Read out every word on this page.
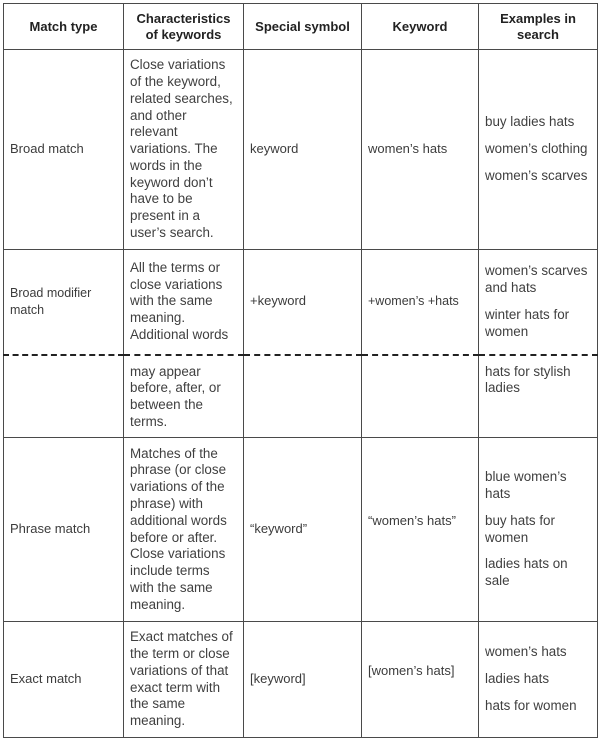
Match type	Characteristics of keywords	Special symbol	Keyword	Examples in search
Broad match	Close variations of the keyword, related searches, and other relevant variations. The words in the keyword don’t have to be present in a user’s search.	keyword	women’s hats	buy ladies hats
women’s clothing
women’s scarves

Broad modifier match	All the terms or close variations with the same meaning. Additional words	+keyword	+women’s +hats	women’s scarves and hats
winter hats for women

	may appear before, after, or between the terms.			hats for stylish ladies

Phrase match	Matches of the phrase (or close variations of the phrase) with additional words before or after. Close variations include terms with the same meaning.	“keyword”	“women’s hats”	blue women’s hats
buy hats for women
ladies hats on sale

Exact match	Exact matches of the term or close variations of that exact term with the same meaning.	[keyword]	[women’s hats]	women’s hats
ladies hats
hats for women
